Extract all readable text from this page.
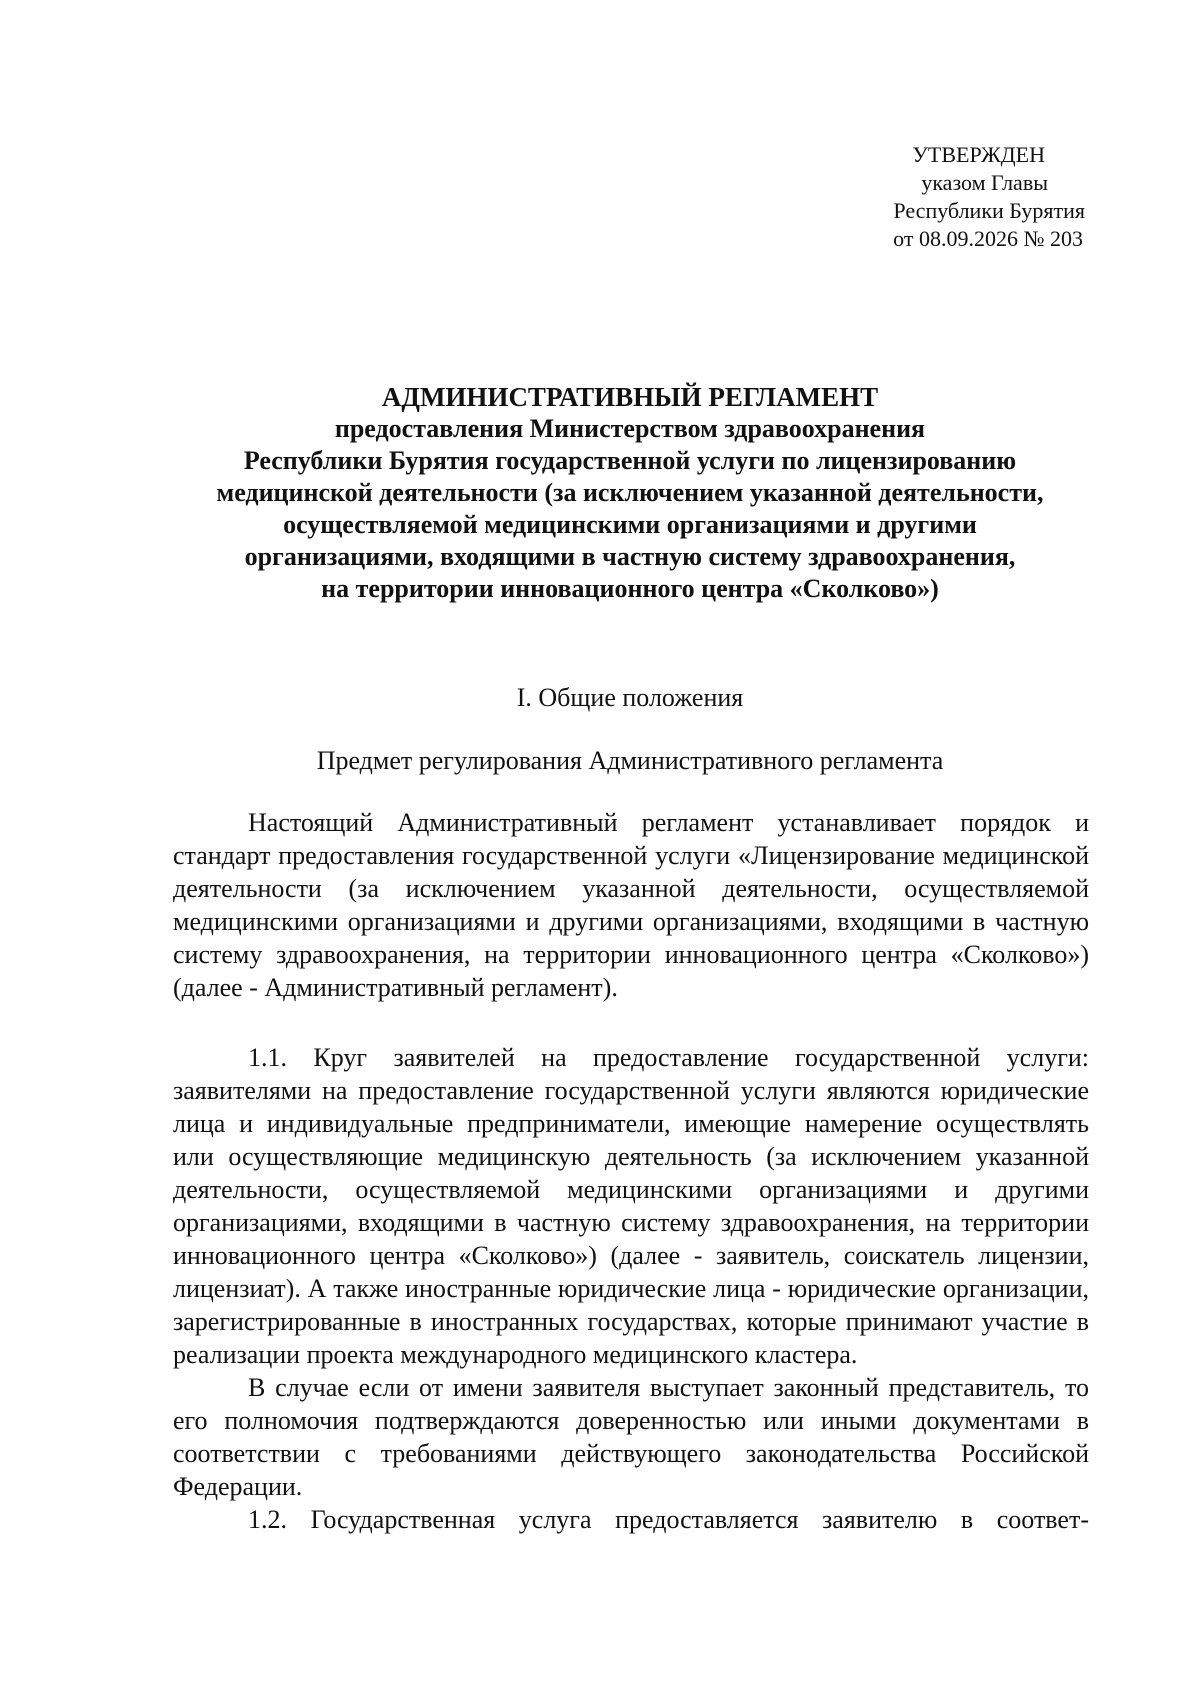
УТВЕРЖДЕН
указом Главы
Республики Бурятия
от 08.09.2026 № 203
АДМИНИСТРАТИВНЫЙ РЕГЛАМЕНТ
предоставления Министерством здравоохранения
Республики Бурятия государственной услуги по лицензированию
медицинской деятельности (за исключением указанной деятельности,
осуществляемой медицинскими организациями и другими
организациями, входящими в частную систему здравоохранения,
на территории инновационного центра «Сколково»)
I. Общие положения
Предмет регулирования Административного регламента

Настоящий Административный регламент устанавливает порядок и стандарт предоставления государственной услуги «Лицензирование медицинской деятельности (за исключением указанной деятельности, осуществляемой медицинскими организациями и другими организациями, входящими в частную систему здравоохранения, на территории инновационного центра «Сколково») (далее - Административный регламент).

1.1. Круг заявителей на предоставление государственной услуги: заявителями на предоставление государственной услуги являются юридические лица и индивидуальные предприниматели, имеющие намерение осуществлять или осуществляющие медицинскую деятельность (за исключением указанной деятельности, осуществляемой медицинскими организациями и другими организациями, входящими в частную систему здравоохранения, на территории инновационного центра «Сколково») (далее - заявитель, соискатель лицензии, лицензиат). А также иностранные юридические лица - юридические организации, зарегистрированные в иностранных государствах, которые принимают участие в реализации проекта международного медицинского кластера.

В случае если от имени заявителя выступает законный представитель, то его полномочия подтверждаются доверенностью или иными документами в соответствии с требованиями действующего законодательства Российской Федерации.

1.2. Государственная услуга предоставляется заявителю в соответ-
